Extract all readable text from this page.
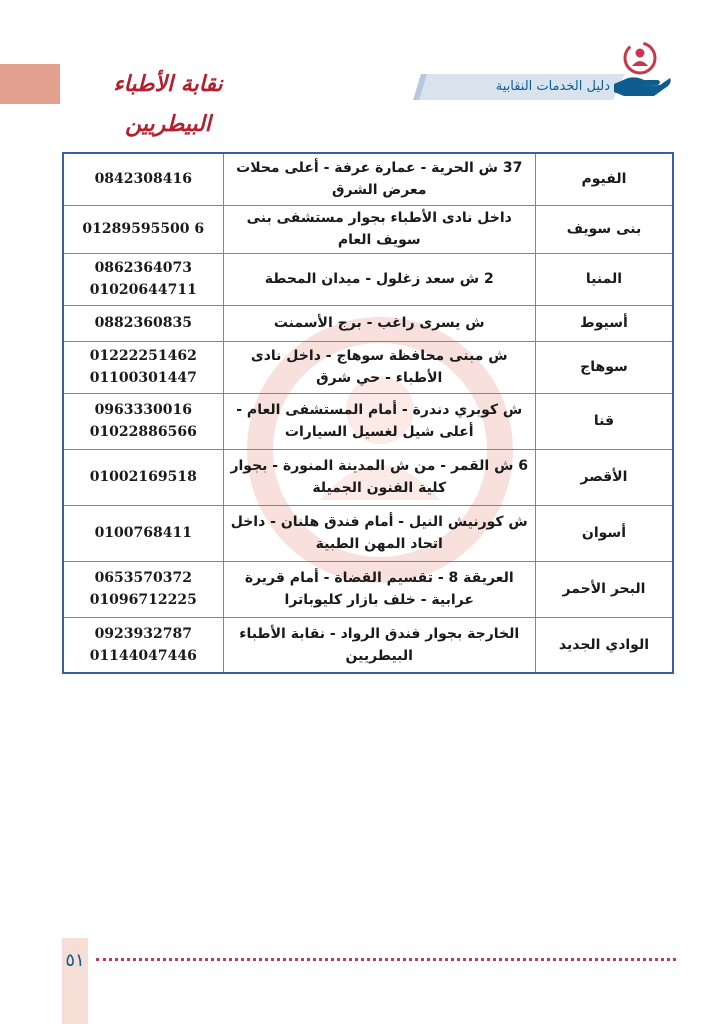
نقابة الأطباء البيطريين
دليل الخدمات النقابية
الفيوم	37 ش الحرية - عمارة عرفة - أعلى محلات معرض الشرق	0842308416

بنى سويف	داخل نادى الأطباء بجوار مستشفى بنى سويف العام	01289595500 6

المنيا	2 ش سعد زغلول - ميدان المحطة	0862364073
01020644711

أسيوط	ش يسرى راغب - برج الأسمنت	0882360835

سوهاج	ش مبنى محافظة سوهاج - داخل نادى الأطباء - حي شرق	01222251462
01100301447

قنا	ش كوبري دندرة - أمام المستشفى العام - أعلى شيل لغسيل السيارات	0963330016
01022886566

الأقصر	6 ش القمر - من ش المدينة المنورة - بجوار كلية الفنون الجميلة	01002169518

أسوان	ش كورنيش النيل - أمام فندق هلنان - داخل اتحاد المهن الطبية	0100768411

البحر الأحمر	العريقة 8 - تقسيم القضاة - أمام قريرة عرابية - خلف بازار كليوباترا	0653570372
01096712225

الوادي الجديد	الخارجة بجوار فندق الرواد - نقابة الأطباء البيطريين	0923932787
01144047446
٥١
